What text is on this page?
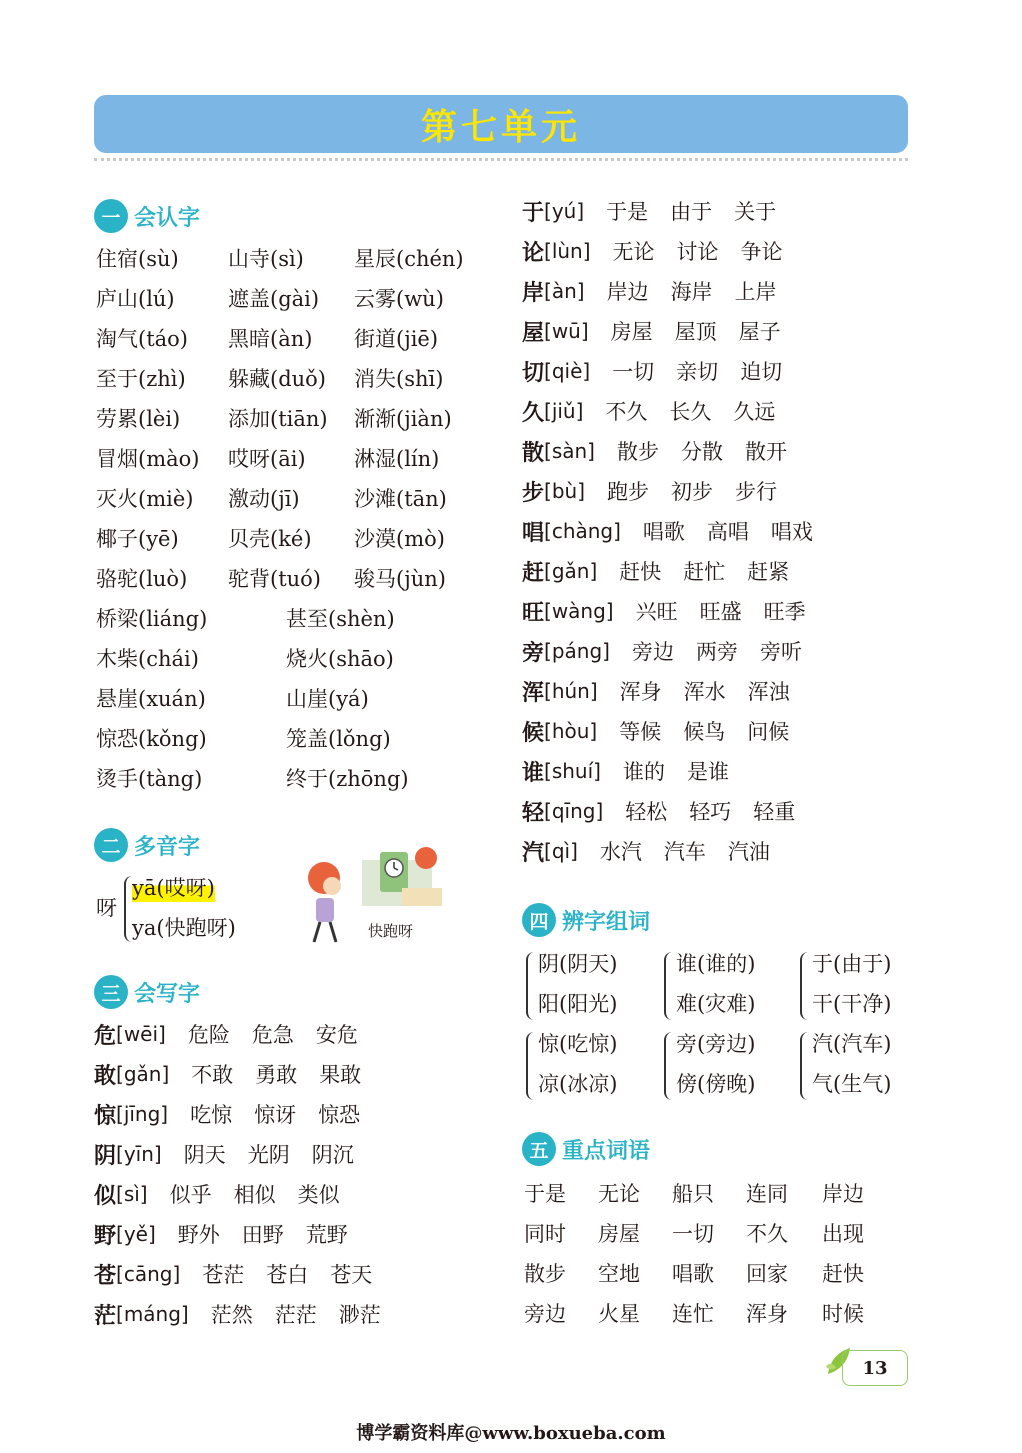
第七单元
一 会认字
住宿(sù) 山寺(sì) 星辰(chén)
庐山(lú)	遮盖(gài) 云雾(wù)
淘气(táo) 黑暗(àn) 街道(jiē)
至于(zhì) 躲藏(duǒ) 消失(shī)
劳累(lèi) 添加(tiān) 渐渐(jiàn)
冒烟(mào) 哎呀(āi) 淋湿(lín)
灭火(miè) 激动(jī)	沙滩(tān)
椰子(yē) 贝壳(ké) 沙漠(mò)
骆驼(luò) 驼背(tuó) 骏马(jùn)
桥梁(liáng)	甚至(shèn)
木柴(chái)	烧火(shāo)
悬崖(xuán)	山崖(yá)
惊恐(kǒng)	笼盖(lǒng)
烫手(tàng)	终于(zhōng)
二 多音字
呀
yā(哎呀)
ya(快跑呀)	快跑呀
三 会写字
危 [wēi]	危险 危急 安危
敢 [gǎn]	不敢 勇敢 果敢
惊 [jīng]	吃惊 惊讶 惊恐
阴 [yīn]	阴天 光阴 阴沉
似 [sì]	似乎 相似 类似
野 [yě]	野外 田野 荒野
苍 [cāng]	苍茫 苍白 苍天
茫 [máng]	茫然 茫茫 渺茫
于 [yú]	于是 由于 关于
论 [lùn]	无论 讨论 争论
岸 [àn]	岸边 海岸 上岸
屋 [wū]	房屋 屋顶 屋子
切 [qiè]	一切 亲切 迫切
久 [jiǔ]	不久 长久 久远
散 [sàn]	散步 分散 散开
步 [bù]	跑步 初步 步行
唱 [chàng]	唱歌 高唱 唱戏
赶 [gǎn]	赶快 赶忙 赶紧
旺 [wàng]	兴旺 旺盛 旺季
旁 [páng]	旁边 两旁 旁听
浑 [hún]	浑身 浑水 浑浊
候 [hòu]	等候 候鸟 问候
谁 [shuí]	谁的 是谁
轻 [qīng]	轻松 轻巧 轻重
汽 [qì]	水汽 汽车 汽油
四 辨字组词
阴(阴天)
阳(阳光)
谁(谁的)
难(灾难)
于(由于)
干(干净)
惊(吃惊)
凉(冰凉)
旁(旁边)
傍(傍晚)
汽(汽车)
气(生气)
五 重点词语
于是 无论 船只 连同 岸边
同时 房屋 一切 不久 出现
散步 空地 唱歌 回家 赶快
旁边 火星 连忙 浑身 时候
13
博学霸资料库@www.boxueba.com
